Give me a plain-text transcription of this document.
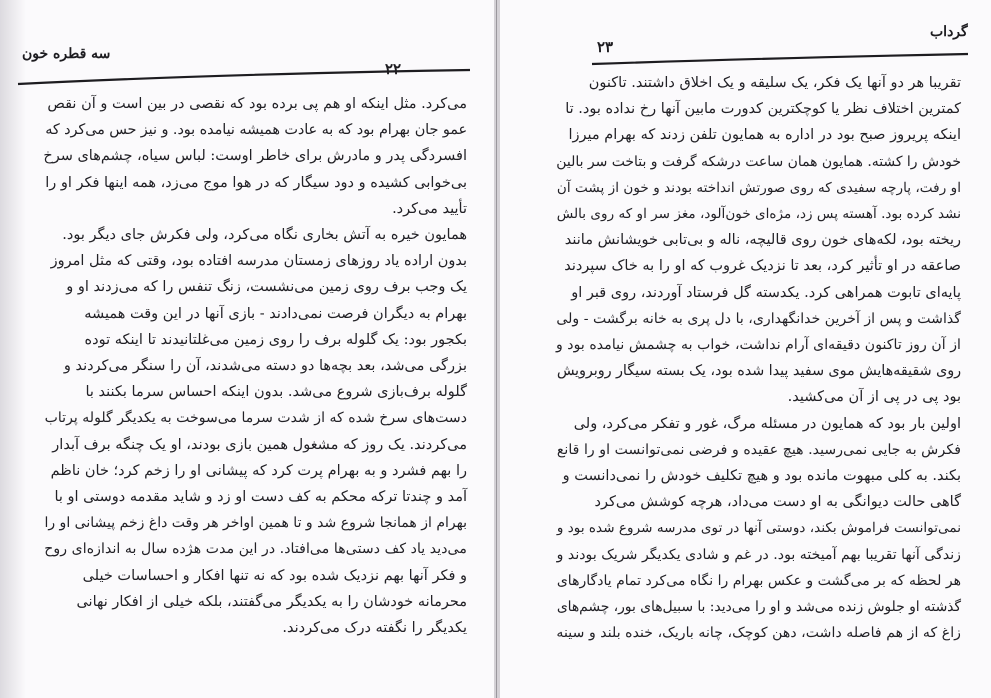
سه قطره خون
۲۲
می‌کرد. مثل اینکه او هم پی برده بود که نقصی در بین است و آن نقص
عمو جان بهرام بود که به عادت همیشه نیامده بود. و نیز حس می‌کرد که
افسردگی پدر و مادرش برای خاطر اوست: لباس سیاه، چشم‌های سرخ
بی‌خوابی کشیده و دود سیگار که در هوا موج می‌زد، همه اینها فکر او را
تأیید می‌کرد.
همایون خیره به آتش بخاری نگاه می‌کرد، ولی فکرش جای دیگر بود.
بدون اراده یاد روزهای زمستان مدرسه افتاده بود، وقتی که مثل امروز
یک وجب برف روی زمین می‌نشست، زنگ تنفس را که می‌زدند او و
بهرام به دیگران فرصت نمی‌دادند - بازی آنها در این وقت همیشه
بکجور بود: یک گلوله برف را روی زمین می‌غلتانیدند تا اینکه توده
بزرگی می‌شد، بعد بچه‌ها دو دسته می‌شدند، آن را سنگر می‌کردند و
گلوله برف‌بازی شروع می‌شد. بدون اینکه احساس سرما بکنند با
دست‌های سرخ شده که از شدت سرما می‌سوخت به یکدیگر گلوله پرتاب
می‌کردند. یک روز که مشغول همین بازی بودند، او یک چنگه برف آبدار
را بهم فشرد و به بهرام پرت کرد که پیشانی او را زخم کرد؛ خان ناظم
آمد و چندتا ترکه محکم به کف دست او زد و شاید مقدمه دوستی او با
بهرام از همانجا شروع شد و تا همین اواخر هر وقت داغ زخم پیشانی او را
می‌دید یاد کف دستی‌ها می‌افتاد. در این مدت هژده سال به اندازه‌ای روح
و فکر آنها بهم نزدیک شده بود که نه تنها افکار و احساسات خیلی
محرمانه خودشان را به یکدیگر می‌گفتند، بلکه خیلی از افکار نهانی
یکدیگر را نگفته درک می‌کردند.
گرداب
۲۳
تقریبا هر دو آنها یک فکر، یک سلیقه و یک اخلاق داشتند. تاکنون
کمترین اختلاف نظر یا کوچکترین کدورت مابین آنها رخ نداده بود. تا
اینکه پریروز صبح بود در اداره به همایون تلفن زدند که بهرام میرزا
خودش را کشته. همایون همان ساعت درشکه گرفت و بتاخت سر بالین
او رفت، پارچه سفیدی که روی صورتش انداخته بودند و خون از پشت آن
نشد کرده بود. آهسته پس زد، مژه‌ای خون‌آلود، مغز سر او که روی بالش
ریخته بود، لکه‌های خون روی قالیچه، ناله و بی‌تابی خویشانش مانند
صاعقه در او تأثیر کرد، بعد تا نزدیک غروب که او را به خاک سپردند
پایه‌ای تابوت همراهی کرد. یکدسته گل فرستاد آوردند، روی قبر او
گذاشت و پس از آخرین خدانگهداری، با دل پری به خانه برگشت - ولی
از آن روز تاکنون دقیقه‌ای آرام نداشت، خواب به چشمش نیامده بود و
روی شقیقه‌هایش موی سفید پیدا شده بود، یک بسته سیگار روبرویش
بود پی در پی از آن می‌کشید.
اولین بار بود که همایون در مسئله مرگ، غور و تفکر می‌کرد، ولی
فکرش به جایی نمی‌رسید. هیچ عقیده و فرضی نمی‌توانست او را قانع
بکند. به کلی مبهوت مانده بود و هیچ تکلیف خودش را نمی‌دانست و
گاهی حالت دیوانگی به او دست می‌داد، هرچه کوشش می‌کرد
نمی‌توانست فراموش بکند، دوستی آنها در توی مدرسه شروع شده بود و
زندگی آنها تقریبا بهم آمیخته بود. در غم و شادی یکدیگر شریک بودند و
هر لحظه که بر می‌گشت و عکس بهرام را نگاه می‌کرد تمام یادگارهای
گذشته او جلوش زنده می‌شد و او را می‌دید: با سبیل‌های بور، چشم‌های
زاغ که از هم فاصله داشت، دهن کوچک، چانه باریک، خنده بلند و سینه
